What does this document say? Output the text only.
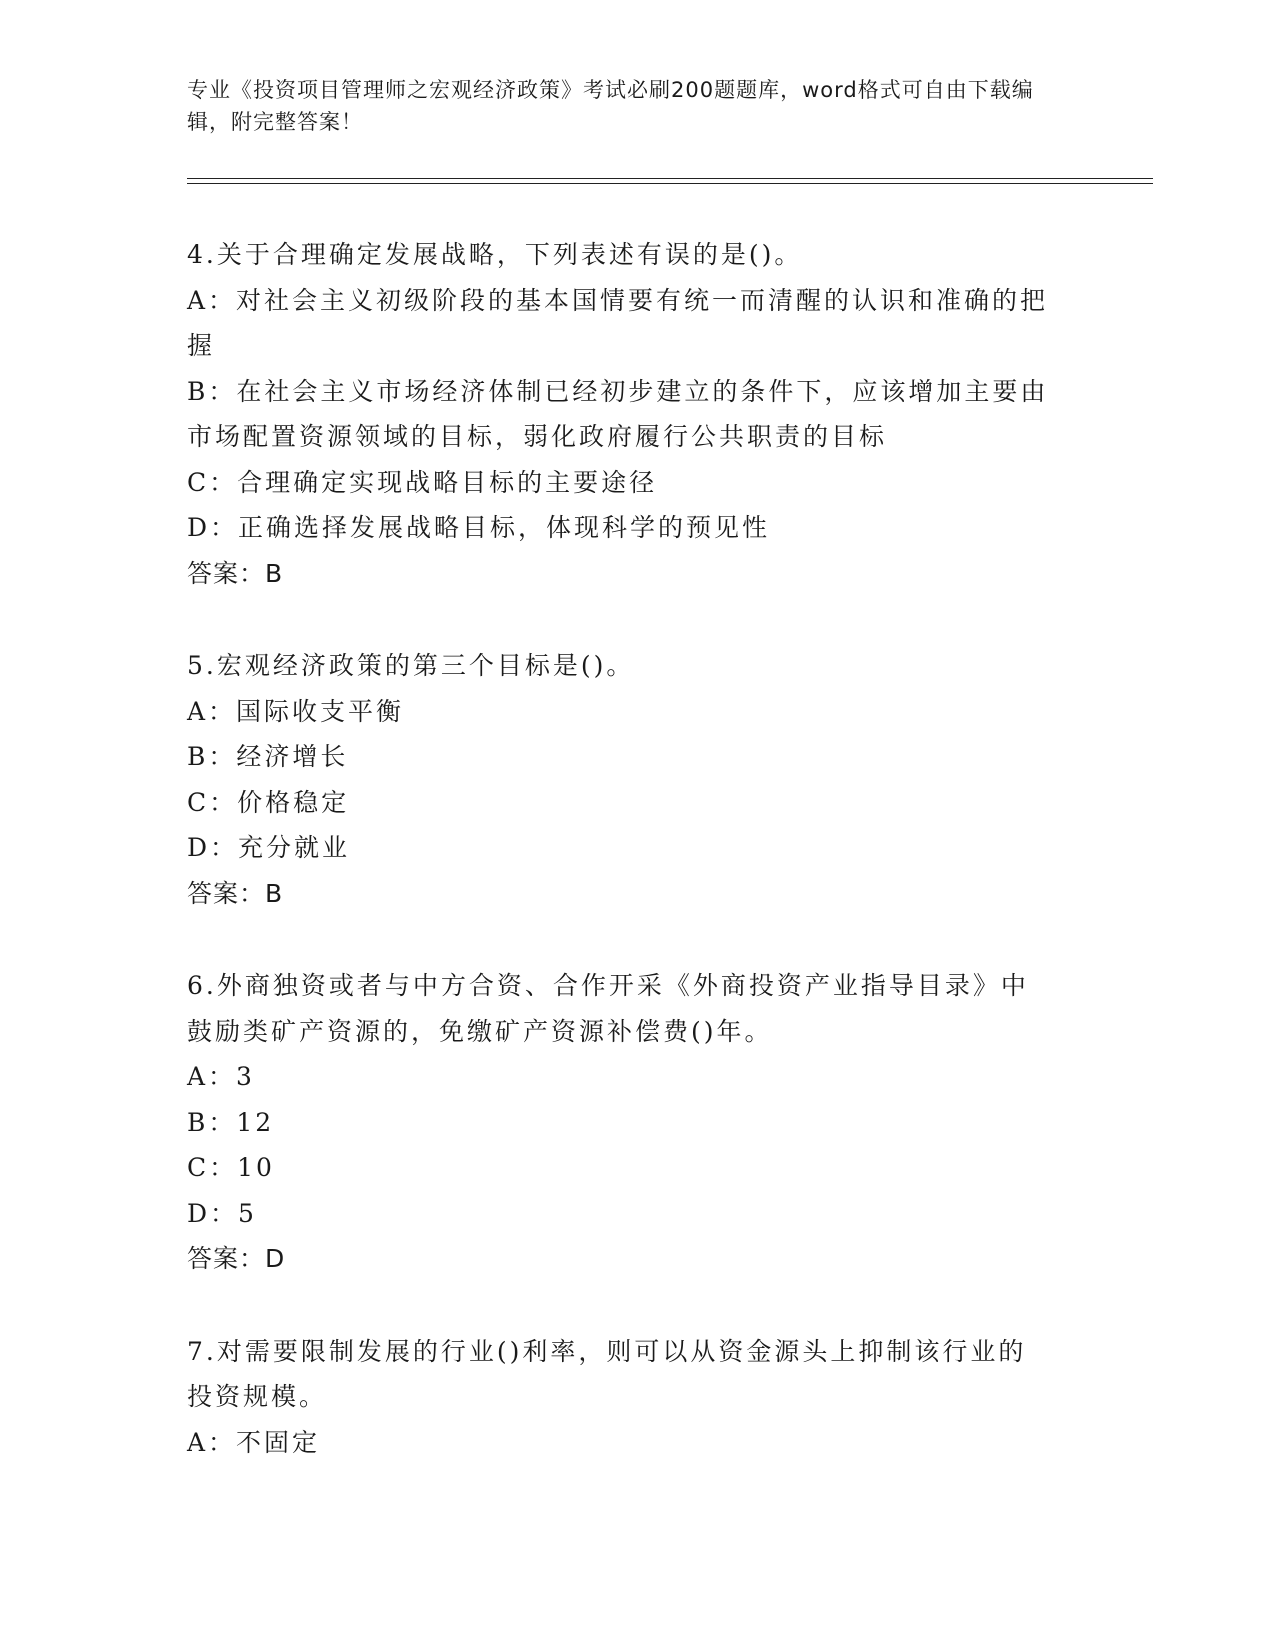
专业《投资项目管理师之宏观经济政策》考试必刷200题题库，word格式可自由下载编辑，附完整答案！
4.关于合理确定发展战略，下列表述有误的是()。
A：对社会主义初级阶段的基本国情要有统一而清醒的认识和准确的把
握
B：在社会主义市场经济体制已经初步建立的条件下，应该增加主要由
市场配置资源领域的目标，弱化政府履行公共职责的目标
C：合理确定实现战略目标的主要途径
D：正确选择发展战略目标，体现科学的预见性
答案：B
5.宏观经济政策的第三个目标是()。
A：国际收支平衡
B：经济增长
C：价格稳定
D：充分就业
答案：B
6.外商独资或者与中方合资、合作开采《外商投资产业指导目录》中
鼓励类矿产资源的，免缴矿产资源补偿费()年。
A：3
B：12
C：10
D：5
答案：D
7.对需要限制发展的行业()利率，则可以从资金源头上抑制该行业的
投资规模。
A：不固定
